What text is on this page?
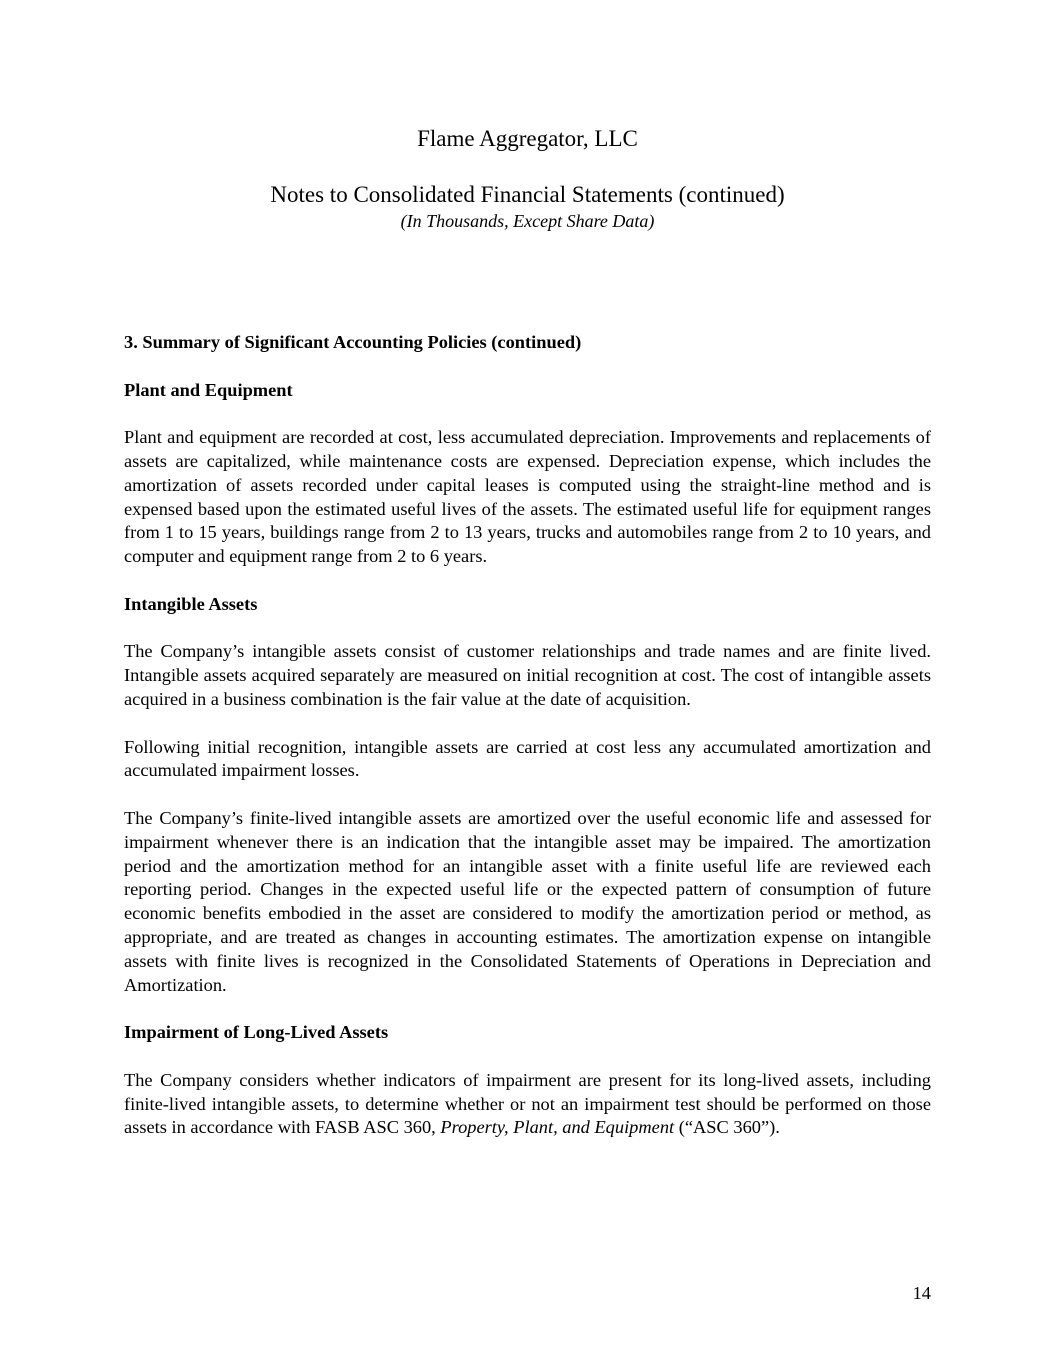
Flame Aggregator, LLC
Notes to Consolidated Financial Statements (continued)
(In Thousands, Except Share Data)
3. Summary of Significant Accounting Policies (continued)
Plant and Equipment

Plant and equipment are recorded at cost, less accumulated depreciation. Improvements and replacements of assets are capitalized, while maintenance costs are expensed. Depreciation expense, which includes the amortization of assets recorded under capital leases is computed using the straight-line method and is expensed based upon the estimated useful lives of the assets. The estimated useful life for equipment ranges from 1 to 15 years, buildings range from 2 to 13 years, trucks and automobiles range from 2 to 10 years, and computer and equipment range from 2 to 6 years.

Intangible Assets

The Company’s intangible assets consist of customer relationships and trade names and are finite lived. Intangible assets acquired separately are measured on initial recognition at cost. The cost of intangible assets acquired in a business combination is the fair value at the date of acquisition.

Following initial recognition, intangible assets are carried at cost less any accumulated amortization and accumulated impairment losses.

The Company’s finite-lived intangible assets are amortized over the useful economic life and assessed for impairment whenever there is an indication that the intangible asset may be impaired. The amortization period and the amortization method for an intangible asset with a finite useful life are reviewed each reporting period. Changes in the expected useful life or the expected pattern of consumption of future economic benefits embodied in the asset are considered to modify the amortization period or method, as appropriate, and are treated as changes in accounting estimates. The amortization expense on intangible assets with finite lives is recognized in the Consolidated Statements of Operations in Depreciation and Amortization.

Impairment of Long-Lived Assets

The Company considers whether indicators of impairment are present for its long-lived assets, including finite-lived intangible assets, to determine whether or not an impairment test should be performed on those assets in accordance with FASB ASC 360, Property, Plant, and Equipment (“ASC 360”).

14
